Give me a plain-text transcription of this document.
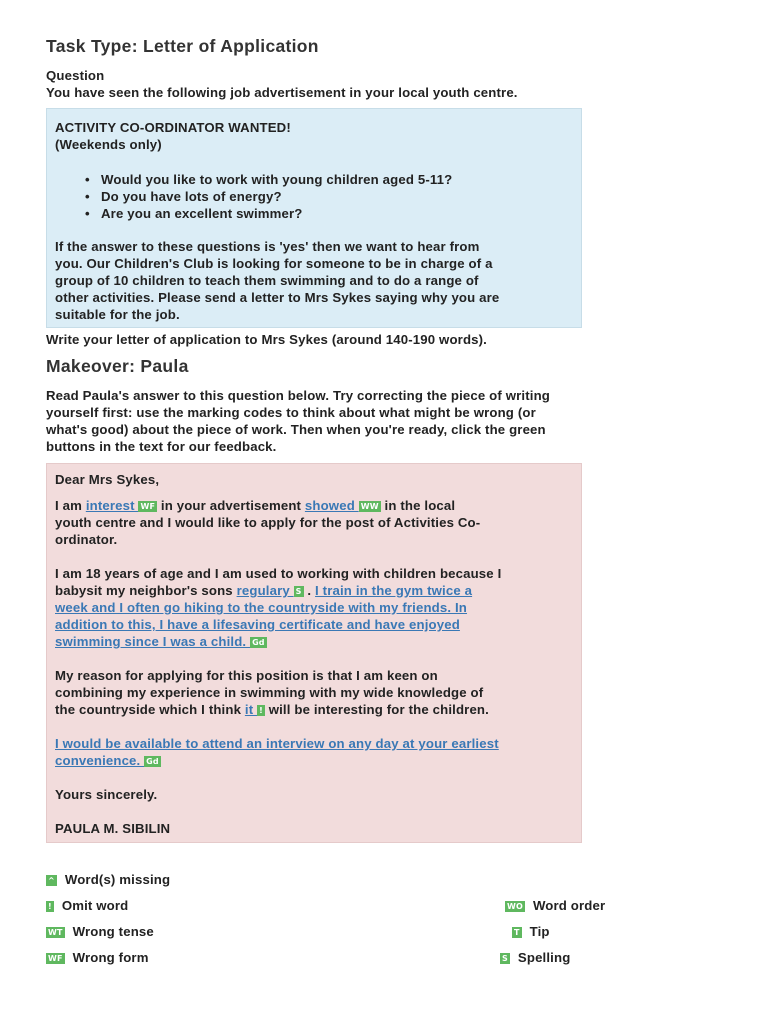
Task Type: Letter of Application
Question
You have seen the following job advertisement in your local youth centre.
ACTIVITY CO-ORDINATOR WANTED!
(Weekends only)
• Would you like to work with young children aged 5-11?
• Do you have lots of energy?
• Are you an excellent swimmer?
If the answer to these questions is 'yes' then we want to hear from
you. Our Children's Club is looking for someone to be in charge of a
group of 10 children to teach them swimming and to do a range of
other activities. Please send a letter to Mrs Sykes saying why you are
suitable for the job.
Write your letter of application to Mrs Sykes (around 140-190 words).
Makeover: Paula
Read Paula's answer to this question below. Try correcting the piece of writing
yourself first: use the marking codes to think about what might be wrong (or
what's good) about the piece of work. Then when you're ready, click the green
buttons in the text for our feedback.

Dear Mrs Sykes,

I am interest WF in your advertisement showed WW in the local
youth centre and I would like to apply for the post of Activities Co-
ordinator.

I am 18 years of age and I am used to working with children because I
babysit my neighbor's sons regulary S . I train in the gym twice a
week and I often go hiking to the countryside with my friends. In
addition to this, I have a lifesaving certificate and have enjoyed
swimming since I was a child. Gd

My reason for applying for this position is that I am keen on
combining my experience in swimming with my wide knowledge of
the countryside which I think it ! will be interesting for the children.

I would be available to attend an interview on any day at your earliest
convenience. Gd

Yours sincerely.

PAULA M. SIBILIN

^ Word(s) missing
! Omit word
WT Wrong tense
WF Wrong form
WO Word order
T Tip
S Spelling
